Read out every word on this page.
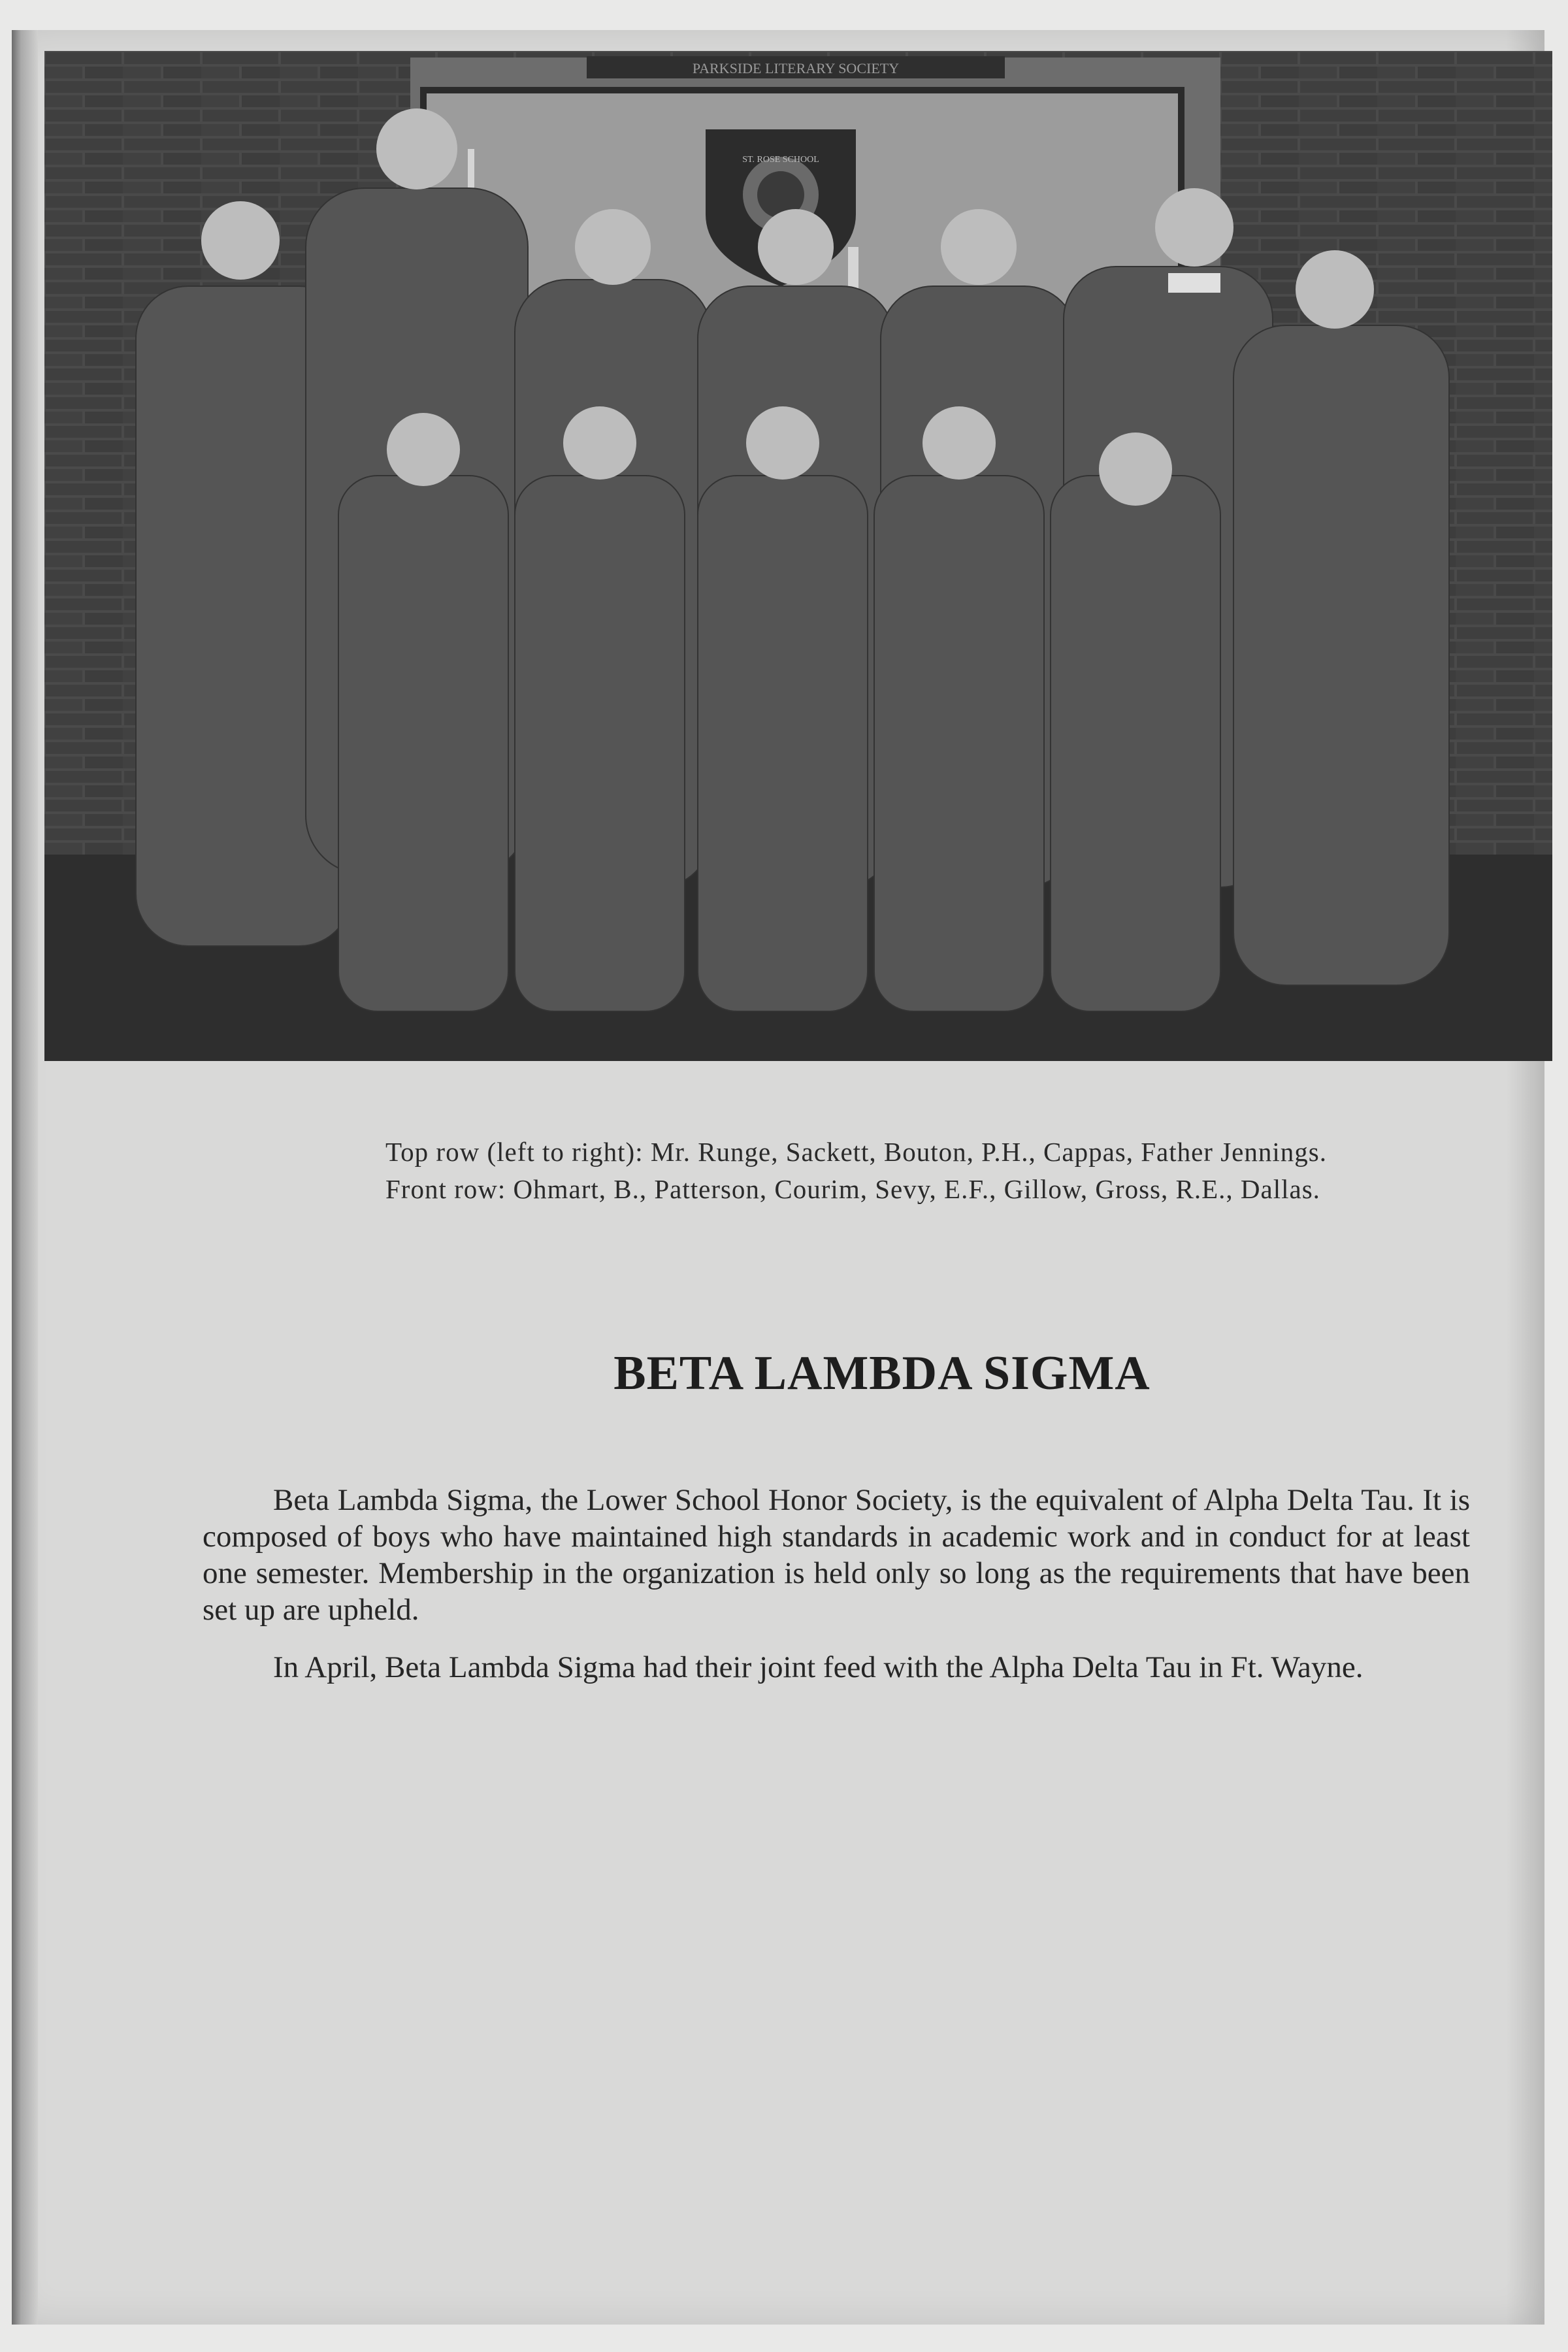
PARKSIDE LITERARY SOCIETY
ST. ROSE SCHOOL

Top row (left to right): Mr. Runge, Sackett, Bouton, P.H., Cappas, Father Jennings.

Front row: Ohmart, B., Patterson, Courim, Sevy, E.F., Gillow, Gross, R.E., Dallas.

BETA LAMBDA SIGMA

Beta Lambda Sigma, the Lower School Honor Society, is the equivalent of Alpha Delta Tau. It is composed of boys who have maintained high standards in academic work and in conduct for at least one semester. Membership in the organization is held only so long as the requirements that have been set up are upheld.

In April, Beta Lambda Sigma had their joint feed with the Alpha Delta Tau in Ft. Wayne.
